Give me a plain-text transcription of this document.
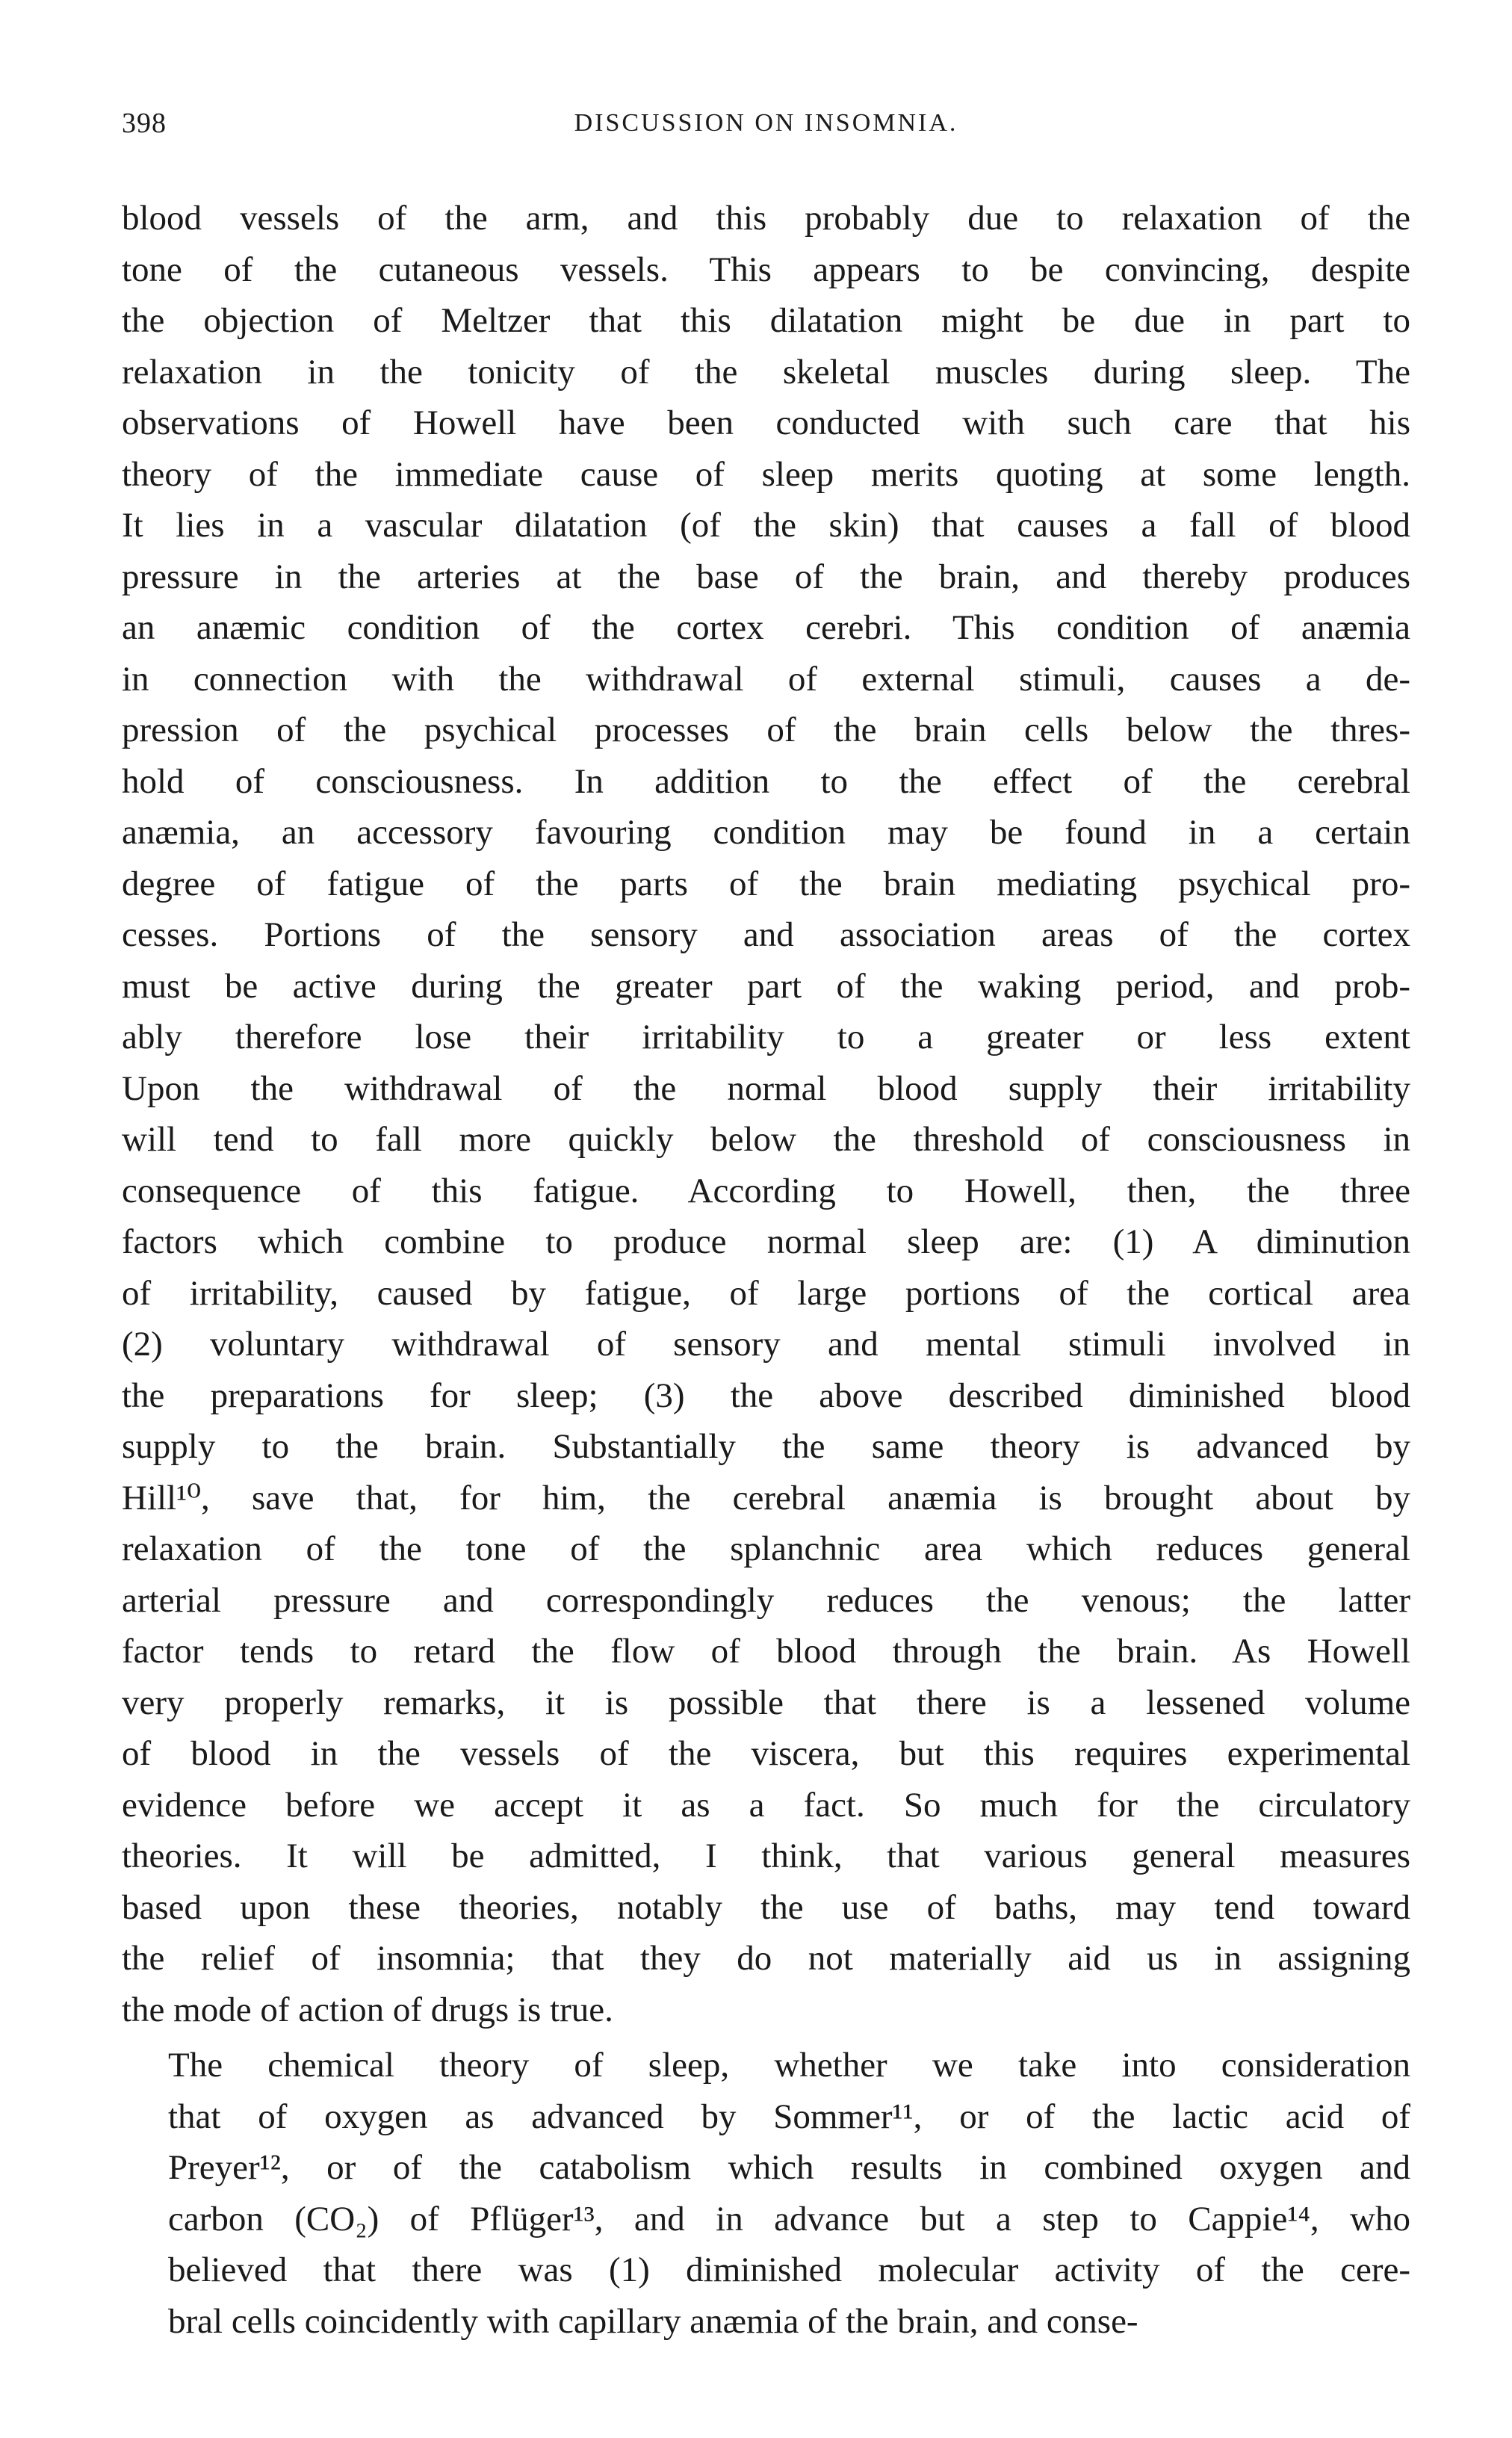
398	DISCUSSION ON INSOMNIA.

blood vessels of the arm, and this probably due to relaxation of the
tone of the cutaneous vessels. This appears to be convincing, despite
the objection of Meltzer that this dilatation might be due in part to
relaxation in the tonicity of the skeletal muscles during sleep. The
observations of Howell have been conducted with such care that his
theory of the immediate cause of sleep merits quoting at some length.
It lies in a vascular dilatation (of the skin) that causes a fall of blood
pressure in the arteries at the base of the brain, and thereby produces
an anæmic condition of the cortex cerebri. This condition of anæmia
in connection with the withdrawal of external stimuli, causes a de-
pression of the psychical processes of the brain cells below the thres-
hold of consciousness. In addition to the effect of the cerebral
anæmia, an accessory favouring condition may be found in a certain
degree of fatigue of the parts of the brain mediating psychical pro-
cesses. Portions of the sensory and association areas of the cortex
must be active during the greater part of the waking period, and prob-
ably therefore lose their irritability to a greater or less extent
Upon the withdrawal of the normal blood supply their irritability
will tend to fall more quickly below the threshold of consciousness in
consequence of this fatigue. According to Howell, then, the three
factors which combine to produce normal sleep are: (1) A diminution
of irritability, caused by fatigue, of large portions of the cortical area
(2) voluntary withdrawal of sensory and mental stimuli involved in
the preparations for sleep; (3) the above described diminished blood
supply to the brain. Substantially the same theory is advanced by
Hill¹⁰, save that, for him, the cerebral anæmia is brought about by
relaxation of the tone of the splanchnic area which reduces general
arterial pressure and correspondingly reduces the venous; the latter
factor tends to retard the flow of blood through the brain. As Howell
very properly remarks, it is possible that there is a lessened volume
of blood in the vessels of the viscera, but this requires experimental
evidence before we accept it as a fact. So much for the circulatory
theories. It will be admitted, I think, that various general measures
based upon these theories, notably the use of baths, may tend toward
the relief of insomnia; that they do not materially aid us in assigning
the mode of action of drugs is true.

The chemical theory of sleep, whether we take into consideration
that of oxygen as advanced by Sommer¹¹, or of the lactic acid of
Preyer¹², or of the catabolism which results in combined oxygen and
carbon (CO₂) of Pflüger¹³, and in advance but a step to Cappie¹⁴, who
believed that there was (1) diminished molecular activity of the cere-
bral cells coincidently with capillary anæmia of the brain, and conse-
